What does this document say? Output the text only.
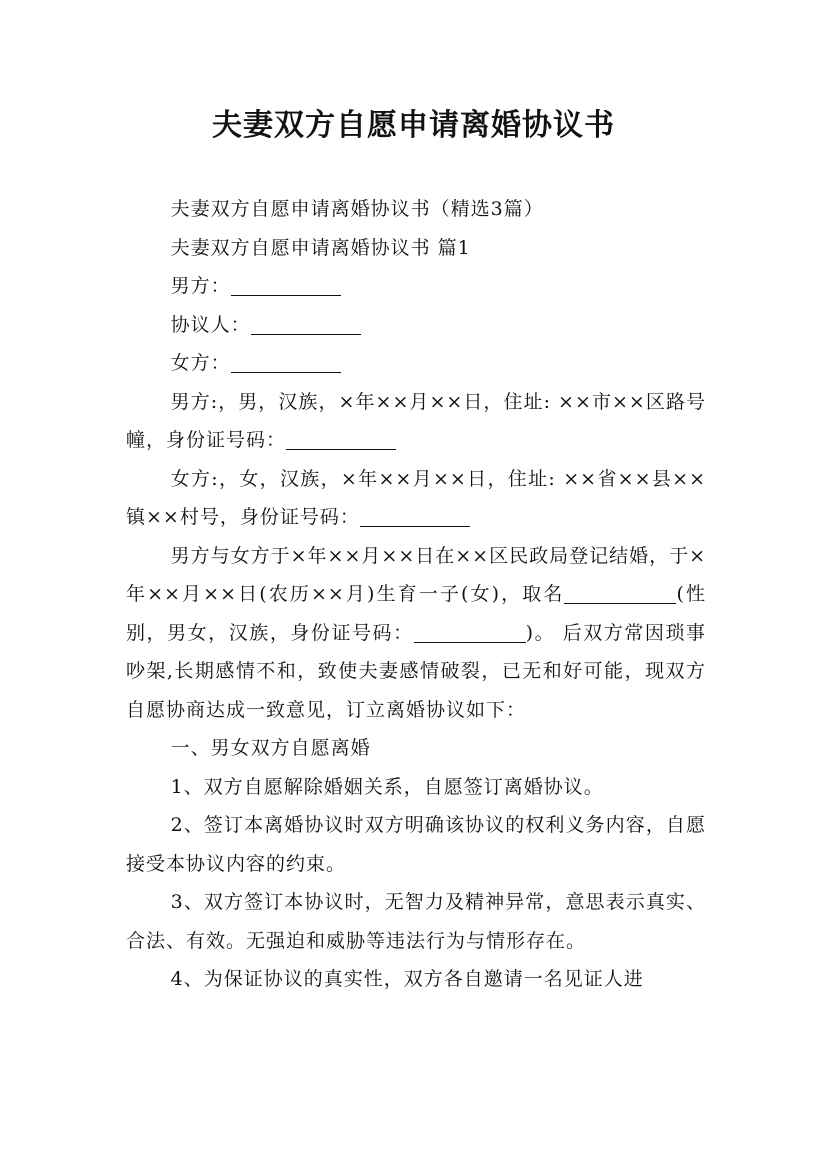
夫妻双方自愿申请离婚协议书

夫妻双方自愿申请离婚协议书（精选3篇）

夫妻双方自愿申请离婚协议书 篇1

男方：

协议人：

女方：

男方:，男，汉族，×年××月××日，住址: ××市××区路号幢，身份证号码：

女方:，女，汉族，×年××月××日，住址: ××省××县××镇××村号，身份证号码：

男方与女方于×年××月××日在××区民政局登记结婚，于×年××月××日(农历××月)生育一子(女)，取名	(性别，男女，汉族，身份证号码：	)。 后双方常因琐事吵架,长期感情不和，致使夫妻感情破裂，已无和好可能，现双方自愿协商达成一致意见，订立离婚协议如下：

一、男女双方自愿离婚

1、双方自愿解除婚姻关系，自愿签订离婚协议。

2、签订本离婚协议时双方明确该协议的权利义务内容，自愿接受本协议内容的约束。

3、双方签订本协议时，无智力及精神异常，意思表示真实、合法、有效。无强迫和威胁等违法行为与情形存在。

4、为保证协议的真实性，双方各自邀请一名见证人进
